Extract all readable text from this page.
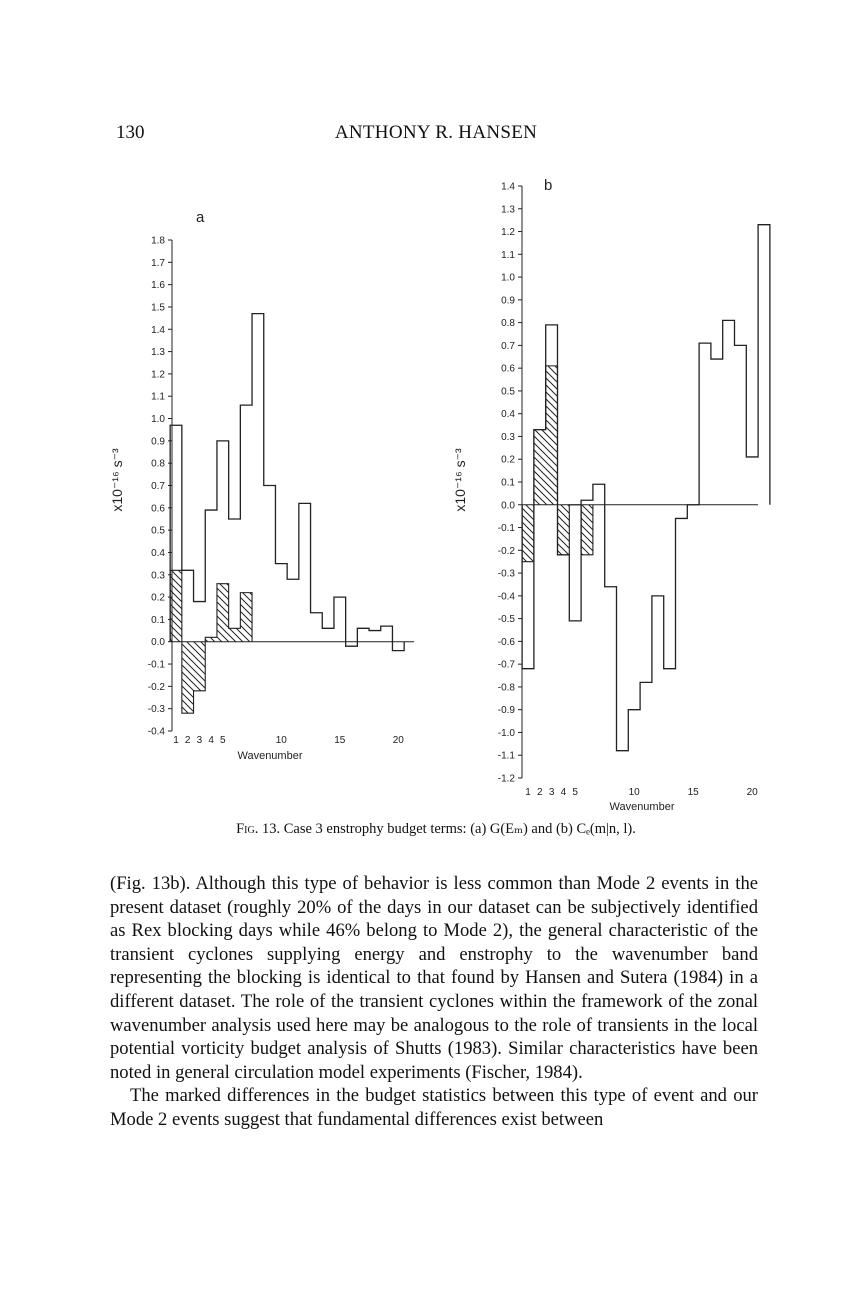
130	ANTHONY R. HANSEN
1.8
1.7
1.6
1.5
1.4
1.3
1.2
1.1
1.0
0.9
0.8
0.7
0.6
0.5
0.4
0.3
0.2
0.1
0.0
-0.1
-0.2
-0.3
-0.4
1 2 3 4 5	10	15	20
Wavenumber
x10⁻¹⁶ s⁻³
a
1.4
1.3
1.2
1.1
1.0
0.9
0.8
0.7
0.6
0.5
0.4
0.3
0.2
0.1
0.0
-0.1
-0.2
-0.3
-0.4
-0.5
-0.6
-0.7
-0.8
-0.9
-1.0
-1.1
-1.2
1 2 3 4 5	10	15	20
Wavenumber
x10⁻¹⁶ s⁻³
b
Fig. 13. Case 3 enstrophy budget terms: (a) G(Eₘ) and (b) Cₑ(m|n, l).

(Fig. 13b). Although this type of behavior is less common than Mode 2 events in the present dataset (roughly 20% of the days in our dataset can be subjectively identified as Rex blocking days while 46% belong to Mode 2), the general characteristic of the transient cyclones supplying energy and enstrophy to the wavenumber band representing the blocking is identical to that found by Hansen and Sutera (1984) in a different dataset. The role of the transient cyclones within the framework of the zonal wavenumber analysis used here may be analogous to the role of transients in the local potential vorticity budget analysis of Shutts (1983). Similar characteristics have been noted in general circulation model experiments (Fischer, 1984).

The marked differences in the budget statistics between this type of event and our Mode 2 events suggest that fundamental differences exist between
